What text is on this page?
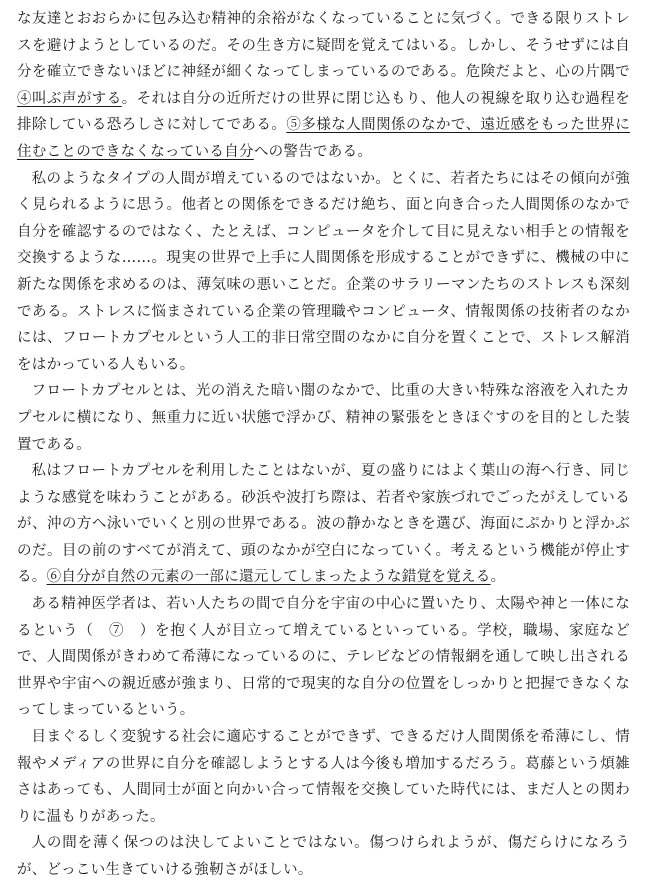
な友達とおおらかに包み込む精神的余裕がなくなっていることに気づく。できる限りストレスを避けようとしているのだ。その生き方に疑問を覚えてはいる。しかし、そうせずには自分を確立できないほどに神経が細くなってしまっているのである。危険だよと、心の片隅で④叫ぶ声がする。それは自分の近所だけの世界に閉じ込もり、他人の視線を取り込む過程を排除している恐ろしさに対してである。⑤多様な人間関係のなかで、遠近感をもった世界に住むことのできなくなっている自分への警告である。

私のようなタイプの人間が増えているのではないか。とくに、若者たちにはその傾向が強く見られるように思う。他者との関係をできるだけ絶ち、面と向き合った人間関係のなかで自分を確認するのではなく、たとえば、コンピュータを介して目に見えない相手との情報を交換するような……。現実の世界で上手に人間関係を形成することができずに、機械の中に新たな関係を求めるのは、薄気味の悪いことだ。企業のサラリーマンたちのストレスも深刻である。ストレスに悩まされている企業の管理職やコンピュータ、情報関係の技術者のなかには、フロートカプセルという人工的非日常空間のなかに自分を置くことで、ストレス解消をはかっている人もいる。

フロートカプセルとは、光の消えた暗い闇のなかで、比重の大きい特殊な溶液を入れたカプセルに横になり、無重力に近い状態で浮かび、精神の緊張をときほぐすのを目的とした装置である。

私はフロートカプセルを利用したことはないが、夏の盛りにはよく葉山の海へ行き、同じような感覚を味わうことがある。砂浜や波打ち際は、若者や家族づれでごったがえしているが、沖の方へ泳いでいくと別の世界である。波の静かなときを選び、海面にぷかりと浮かぶのだ。目の前のすべてが消えて、頭のなかが空白になっていく。考えるという機能が停止する。⑥自分が自然の元素の一部に還元してしまったような錯覚を覚える。

ある精神医学者は、若い人たちの間で自分を宇宙の中心に置いたり、太陽や神と一体になるという（　⑦　）を抱く人が目立って増えているといっている。学校，職場、家庭などで、人間関係がきわめて希薄になっているのに、テレビなどの情報網を通して映し出される世界や宇宙への親近感が強まり、日常的で現実的な自分の位置をしっかりと把握できなくなってしまっているという。

目まぐるしく変貌する社会に適応することができず、できるだけ人間関係を希薄にし、情報やメディアの世界に自分を確認しようとする人は今後も増加するだろう。葛藤という煩雑さはあっても、人間同士が面と向かい合って情報を交換していた時代には、まだ人との関わりに温もりがあった。

人の間を薄く保つのは決してよいことではない。傷つけられようが、傷だらけになろうが、どっこい生きていける強靭さがほしい。
